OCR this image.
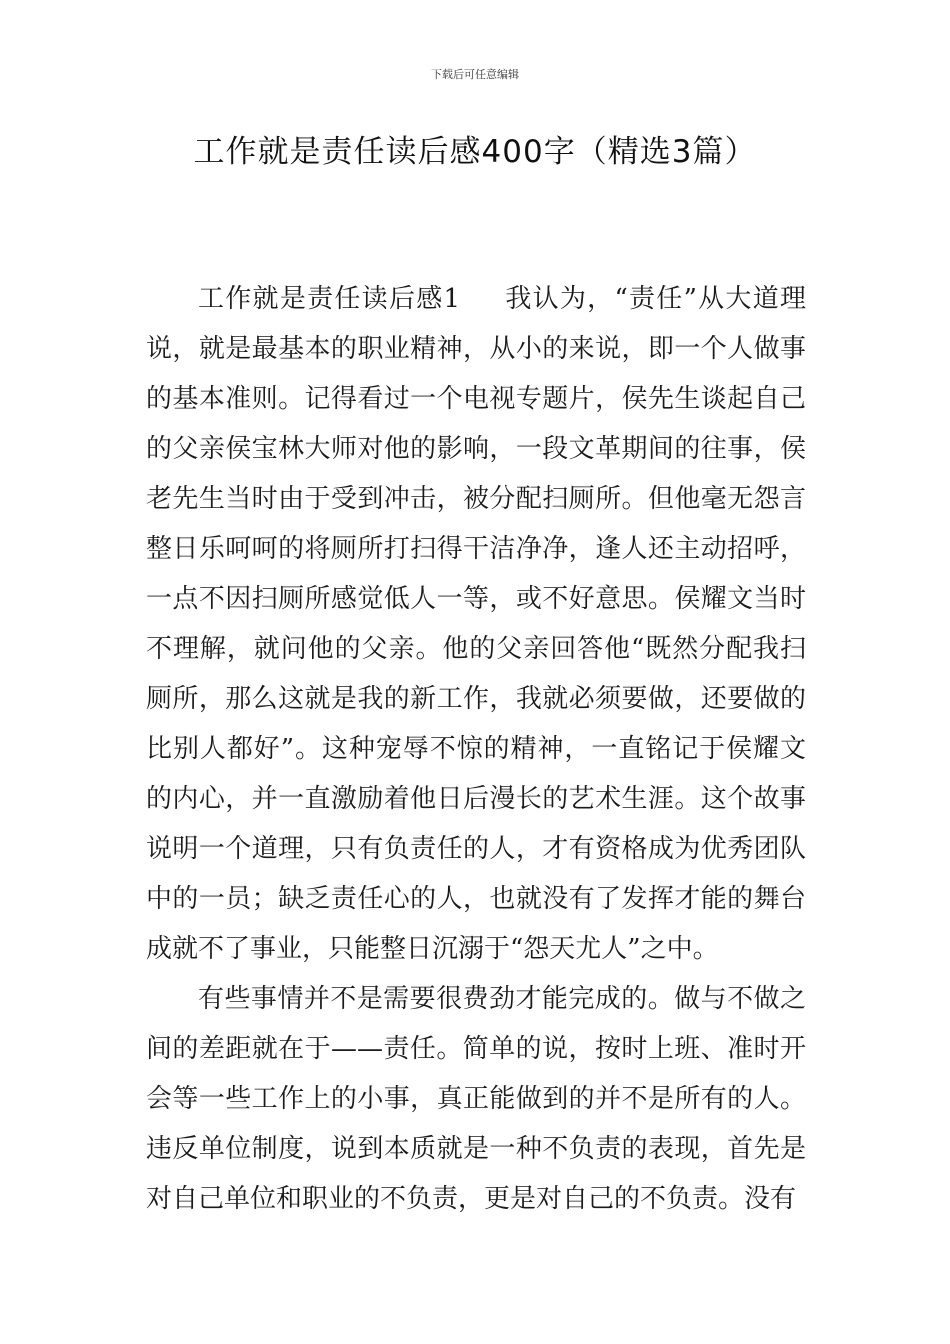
下载后可任意编辑
工作就是责任读后感400字（精选3篇）

工作就是责任读后感1 我认为，“责任”从大道理说，就是最基本的职业精神，从小的来说，即一个人做事的基本准则。记得看过一个电视专题片，侯先生谈起自己的父亲侯宝林大师对他的影响，一段文革期间的往事，侯老先生当时由于受到冲击，被分配扫厕所。但他毫无怨言整日乐呵呵的将厕所打扫得干洁净净，逢人还主动招呼，一点不因扫厕所感觉低人一等，或不好意思。侯耀文当时不理解，就问他的父亲。他的父亲回答他“既然分配我扫厕所，那么这就是我的新工作，我就必须要做，还要做的比别人都好”。这种宠辱不惊的精神，一直铭记于侯耀文的内心，并一直激励着他日后漫长的艺术生涯。这个故事说明一个道理，只有负责任的人，才有资格成为优秀团队中的一员；缺乏责任心的人，也就没有了发挥才能的舞台成就不了事业，只能整日沉溺于“怨天尤人”之中。

有些事情并不是需要很费劲才能完成的。做与不做之间的差距就在于——责任。简单的说，按时上班、准时开会等一些工作上的小事，真正能做到的并不是所有的人。违反单位制度，说到本质就是一种不负责的表现，首先是对自己单位和职业的不负责，更是对自己的不负责。没有
